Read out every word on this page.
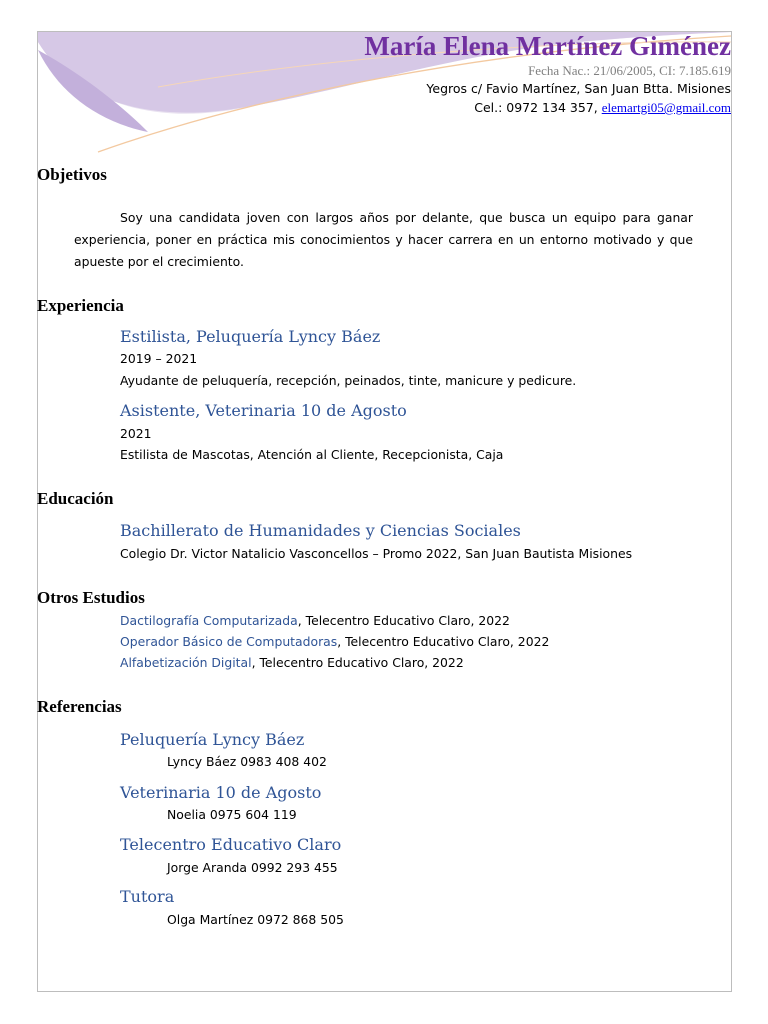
María Elena Martínez Giménez
Fecha Nac.: 21/06/2005, CI: 7.185.619
Yegros c/ Favio Martínez, San Juan Btta. Misiones
Cel.: 0972 134 357, elemartgi05@gmail.com
Objetivos
Soy una candidata joven con largos años por delante, que busca un equipo para ganar experiencia, poner en práctica mis conocimientos y hacer carrera en un entorno motivado y que apueste por el crecimiento.
Experiencia
Estilista, Peluquería Lyncy Báez
2019 – 2021
Ayudante de peluquería, recepción, peinados, tinte, manicure y pedicure.
Asistente, Veterinaria 10 de Agosto
2021
Estilista de Mascotas, Atención al Cliente, Recepcionista, Caja
Educación
Bachillerato de Humanidades y Ciencias Sociales
Colegio Dr. Victor Natalicio Vasconcellos – Promo 2022, San Juan Bautista Misiones
Otros Estudios
Dactilografía Computarizada, Telecentro Educativo Claro, 2022
Operador Básico de Computadoras, Telecentro Educativo Claro, 2022
Alfabetización Digital, Telecentro Educativo Claro, 2022
Referencias
Peluquería Lyncy Báez
Lyncy Báez 0983 408 402
Veterinaria 10 de Agosto
Noelia 0975 604 119
Telecentro Educativo Claro
Jorge Aranda 0992 293 455
Tutora
Olga Martínez 0972 868 505
